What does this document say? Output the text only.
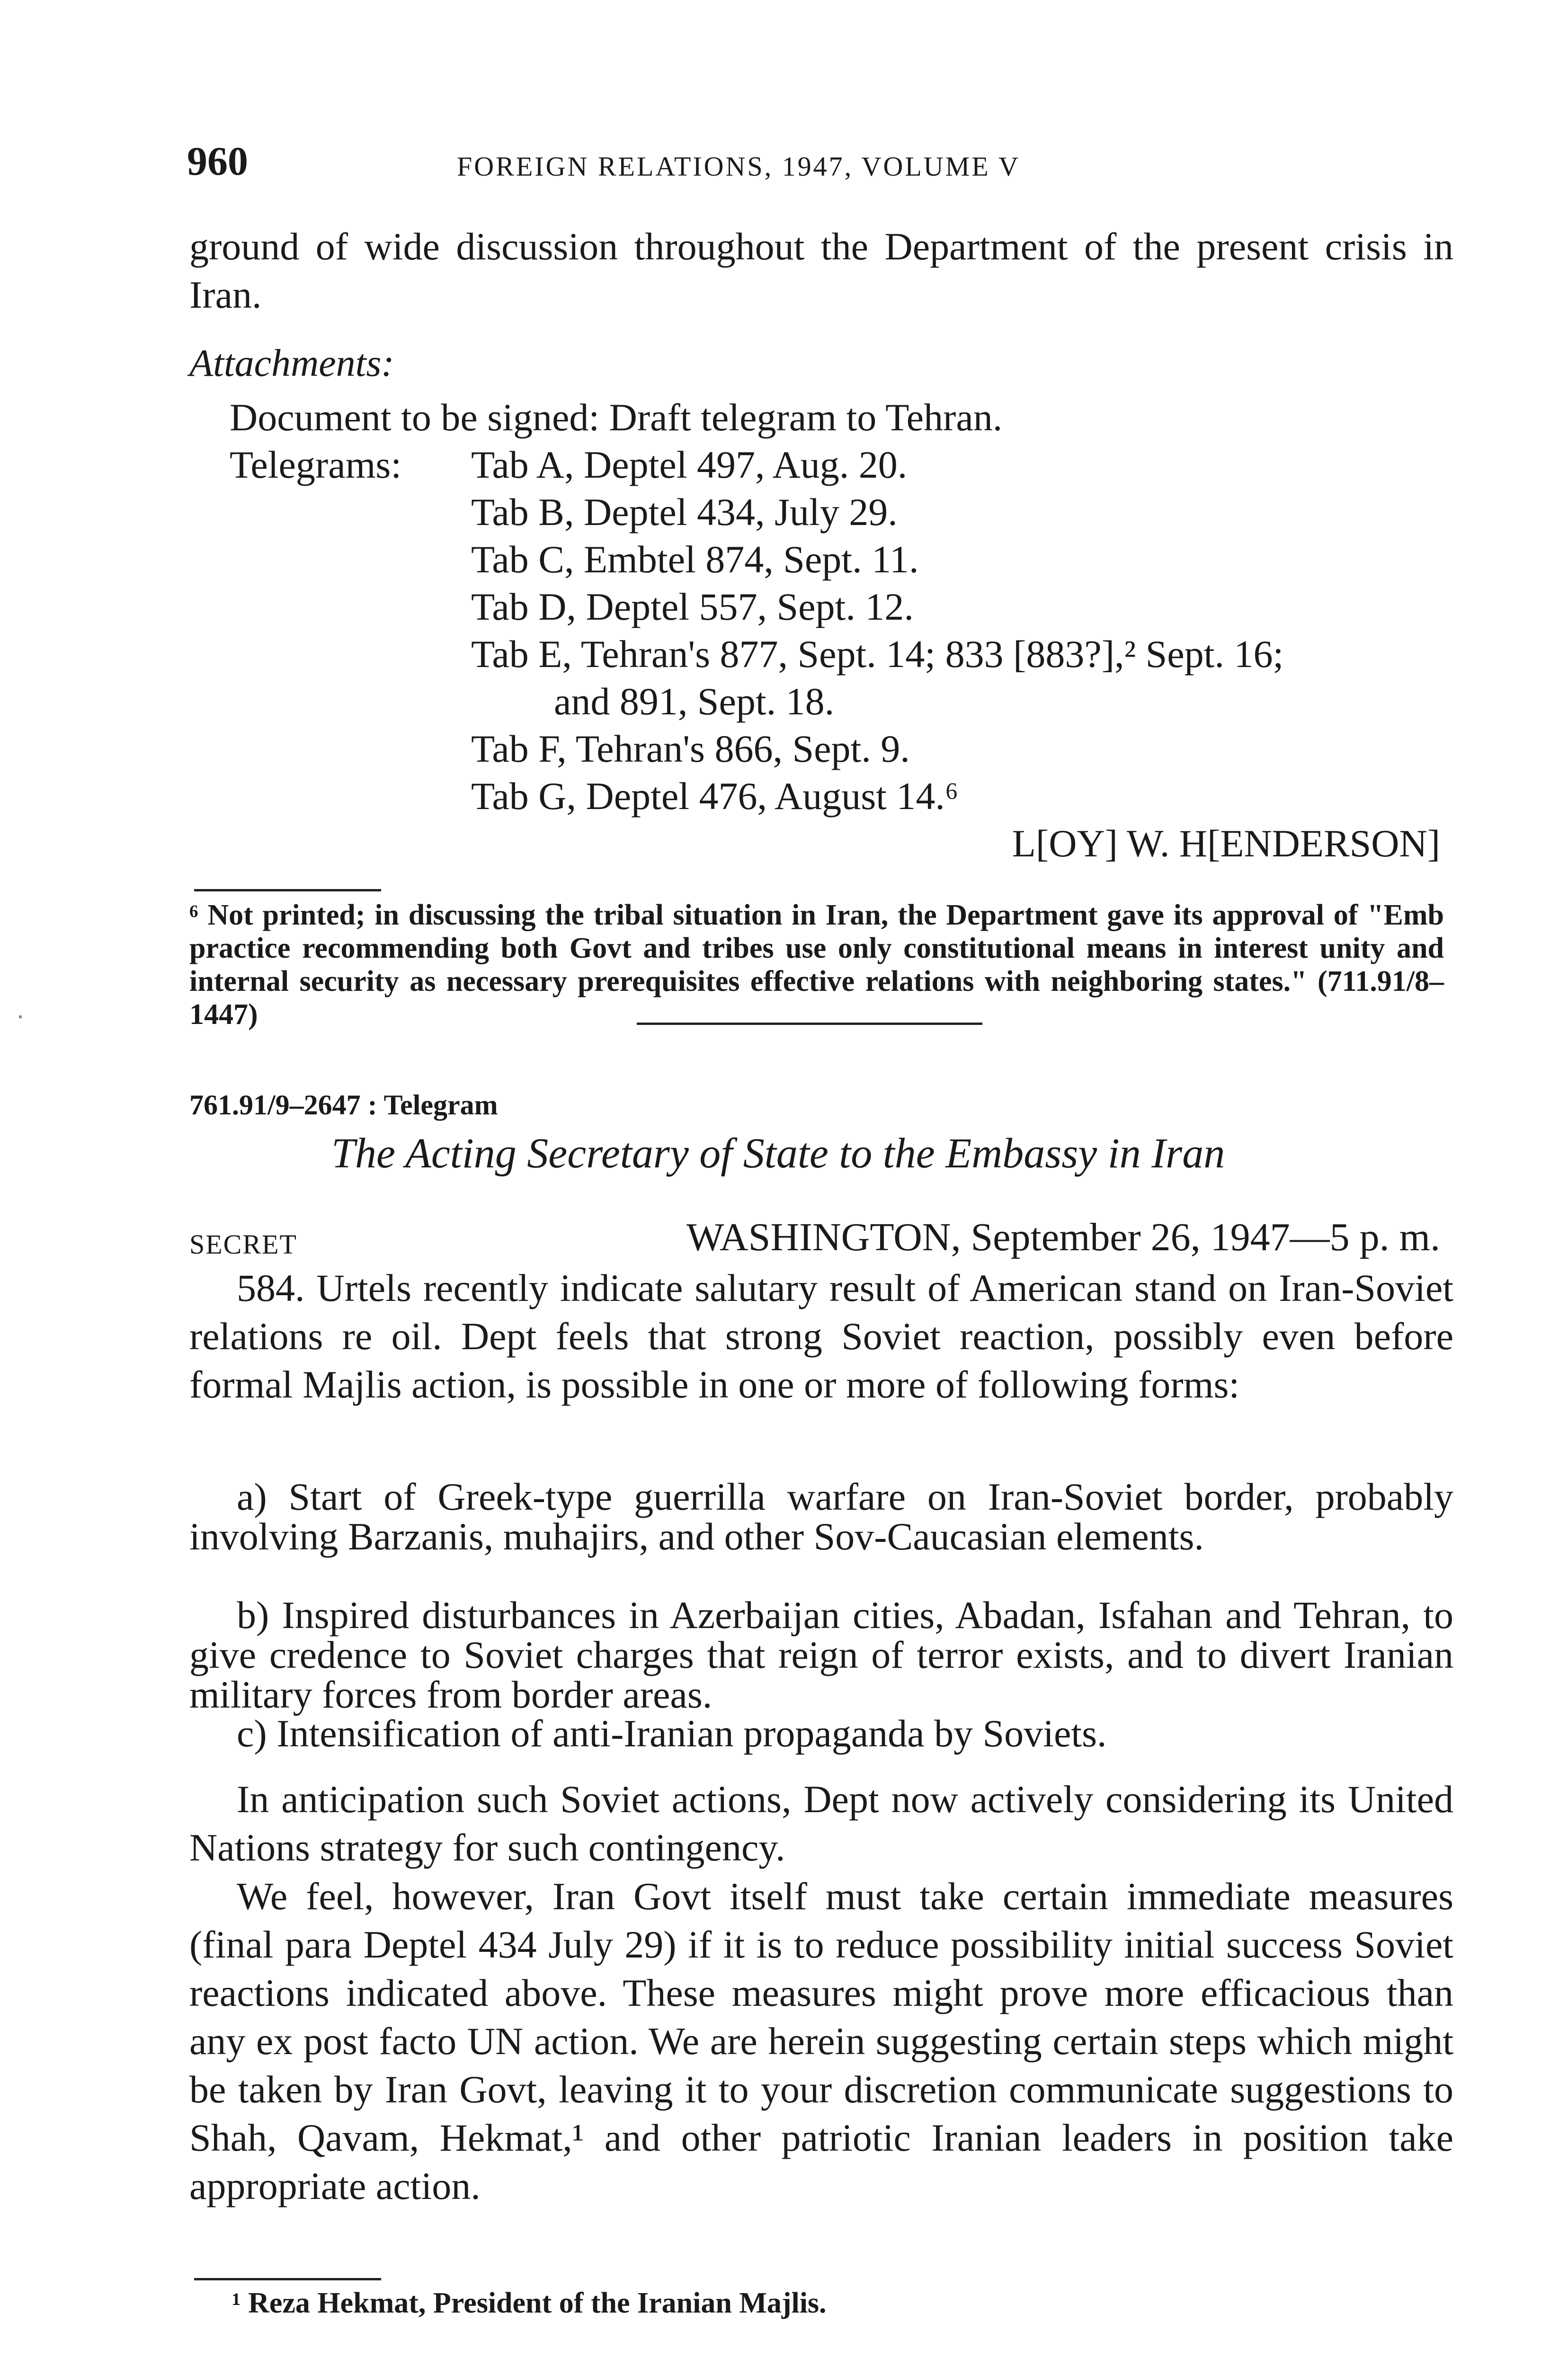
960	FOREIGN RELATIONS, 1947, VOLUME V

ground of wide discussion throughout the Department of the present crisis in Iran.

Attachments:
Document to be signed: Draft telegram to Tehran.
Telegrams: Tab A, Deptel 497, Aug. 20.
Tab B, Deptel 434, July 29.
Tab C, Embtel 874, Sept. 11.
Tab D, Deptel 557, Sept. 12.
Tab E, Tehran's 877, Sept. 14; 833 [883?],² Sept. 16;
and 891, Sept. 18.
Tab F, Tehran's 866, Sept. 9.
Tab G, Deptel 476, August 14.⁶
L[OY] W. H[ENDERSON]

⁶ Not printed; in discussing the tribal situation in Iran, the Department gave its approval of "Emb practice recommending both Govt and tribes use only constitutional means in interest unity and internal security as necessary prerequisites effective relations with neighboring states." (711.91/8–1447)

761.91/9–2647 : Telegram
The Acting Secretary of State to the Embassy in Iran
SECRET	WASHINGTON, September 26, 1947—5 p. m.

584. Urtels recently indicate salutary result of American stand on Iran-Soviet relations re oil. Dept feels that strong Soviet reaction, possibly even before formal Majlis action, is possible in one or more of following forms:

a) Start of Greek-type guerrilla warfare on Iran-Soviet border, probably involving Barzanis, muhajirs, and other Sov-Caucasian elements.

b) Inspired disturbances in Azerbaijan cities, Abadan, Isfahan and Tehran, to give credence to Soviet charges that reign of terror exists, and to divert Iranian military forces from border areas.

c) Intensification of anti-Iranian propaganda by Soviets.

In anticipation such Soviet actions, Dept now actively considering its United Nations strategy for such contingency.

We feel, however, Iran Govt itself must take certain immediate measures (final para Deptel 434 July 29) if it is to reduce possibility initial success Soviet reactions indicated above. These measures might prove more efficacious than any ex post facto UN action. We are herein suggesting certain steps which might be taken by Iran Govt, leaving it to your discretion communicate suggestions to Shah, Qavam, Hekmat,¹ and other patriotic Iranian leaders in position take appropriate action.

¹ Reza Hekmat, President of the Iranian Majlis.
